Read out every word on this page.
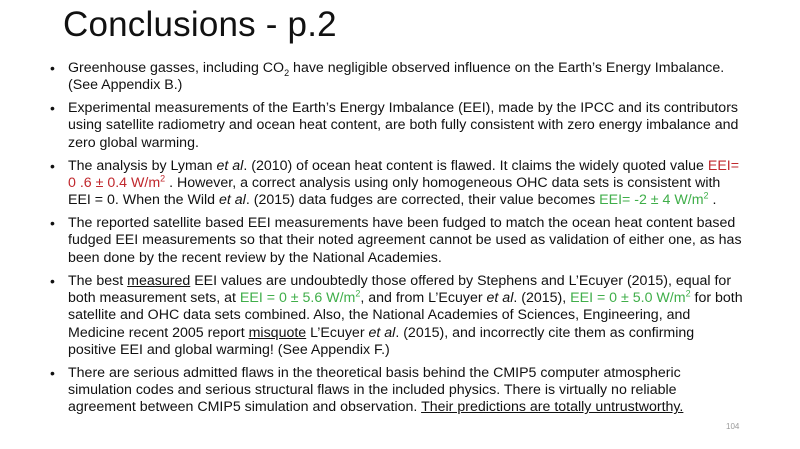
Conclusions - p.2
• Greenhouse gasses, including $CO_2$ have negligible observed influence on the Earth’s Energy Imbalance. (See Appendix B.)
• Experimental measurements of the Earth’s Energy Imbalance (EEI), made by the IPCC and its contributors using satellite radiometry and ocean heat content, are both fully consistent with zero energy imbalance and zero global warming.
• The analysis by Lyman et al. (2010) of ocean heat content is flawed. It claims the widely quoted value EEI= 0 .6 ± 0.4 $W/m^2$ . However, a correct analysis using only homogeneous OHC data sets is consistent with EEI = 0. When the Wild et al. (2015) data fudges are corrected, their value becomes EEI= -2 ± 4 $W/m^2$ .
• The reported satellite based EEI measurements have been fudged to match the ocean heat content based fudged EEI measurements so that their noted agreement cannot be used as validation of either one, as has been done by the recent review by the National Academies.
• The best measured EEI values are undoubtedly those offered by Stephens and L’Ecuyer (2015), equal for both measurement sets, at EEI = 0 ± 5.6 $W/m^2$, and from L’Ecuyer et al. (2015), EEI = 0 ± 5.0 $W/m^2$ for both satellite and OHC data sets combined. Also, the National Academies of Sciences, Engineering, and Medicine recent 2005 report misquote L’Ecuyer et al. (2015), and incorrectly cite them as confirming positive EEI and global warming! (See Appendix F.)
• There are serious admitted flaws in the theoretical basis behind the CMIP5 computer atmospheric simulation codes and serious structural flaws in the included physics. There is virtually no reliable agreement between CMIP5 simulation and observation. Their predictions are totally untrustworthy.
104
